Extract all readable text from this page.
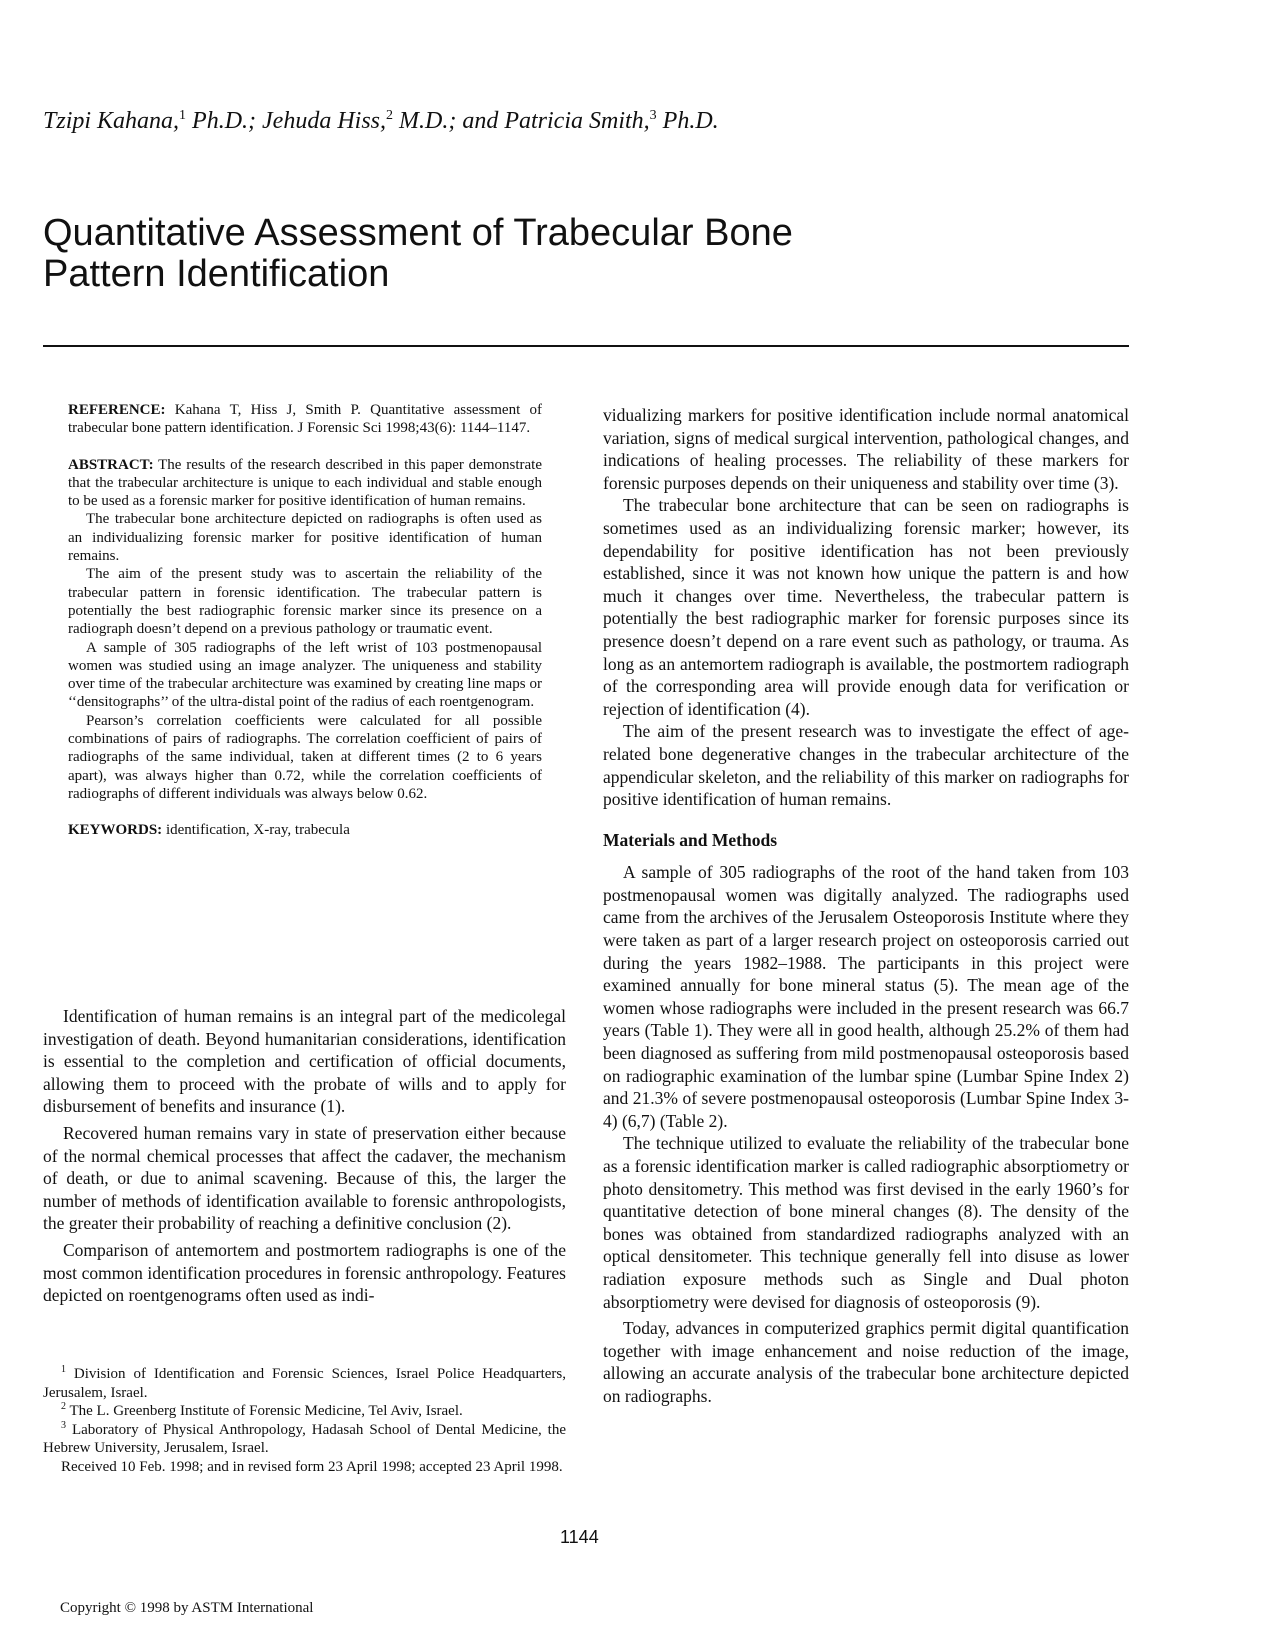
Tzipi Kahana,$^1$ Ph.D.; Jehuda Hiss,$^2$ M.D.; and Patricia Smith,$^3$ Ph.D.
Quantitative Assessment of Trabecular Bone Pattern Identification

REFERENCE: Kahana T, Hiss J, Smith P. Quantitative assessment of trabecular bone pattern identification. J Forensic Sci 1998;43(6): 1144–1147.

ABSTRACT: The results of the research described in this paper demonstrate that the trabecular architecture is unique to each individual and stable enough to be used as a forensic marker for positive identification of human remains.

The trabecular bone architecture depicted on radiographs is often used as an individualizing forensic marker for positive identification of human remains.

The aim of the present study was to ascertain the reliability of the trabecular pattern in forensic identification. The trabecular pattern is potentially the best radiographic forensic marker since its presence on a radiograph doesn’t depend on a previous pathology or traumatic event.

A sample of 305 radiographs of the left wrist of 103 postmenopausal women was studied using an image analyzer. The uniqueness and stability over time of the trabecular architecture was examined by creating line maps or ‘‘densitographs’’ of the ultra-distal point of the radius of each roentgenogram.

Pearson’s correlation coefficients were calculated for all possible combinations of pairs of radiographs. The correlation coefficient of pairs of radiographs of the same individual, taken at different times (2 to 6 years apart), was always higher than 0.72, while the correlation coefficients of radiographs of different individuals was always below 0.62.

KEYWORDS: identification, X-ray, trabecula

Identification of human remains is an integral part of the medicolegal investigation of death. Beyond humanitarian considerations, identification is essential to the completion and certification of official documents, allowing them to proceed with the probate of wills and to apply for disbursement of benefits and insurance (1).

Recovered human remains vary in state of preservation either because of the normal chemical processes that affect the cadaver, the mechanism of death, or due to animal scavening. Because of this, the larger the number of methods of identification available to forensic anthropologists, the greater their probability of reaching a definitive conclusion (2).

Comparison of antemortem and postmortem radiographs is one of the most common identification procedures in forensic anthropology. Features depicted on roentgenograms often used as indi-

vidualizing markers for positive identification include normal anatomical variation, signs of medical surgical intervention, pathological changes, and indications of healing processes. The reliability of these markers for forensic purposes depends on their uniqueness and stability over time (3).

The trabecular bone architecture that can be seen on radiographs is sometimes used as an individualizing forensic marker; however, its dependability for positive identification has not been previously established, since it was not known how unique the pattern is and how much it changes over time. Nevertheless, the trabecular pattern is potentially the best radiographic marker for forensic purposes since its presence doesn’t depend on a rare event such as pathology, or trauma. As long as an antemortem radiograph is available, the postmortem radiograph of the corresponding area will provide enough data for verification or rejection of identification (4).

The aim of the present research was to investigate the effect of age-related bone degenerative changes in the trabecular architecture of the appendicular skeleton, and the reliability of this marker on radiographs for positive identification of human remains.

Materials and Methods

A sample of 305 radiographs of the root of the hand taken from 103 postmenopausal women was digitally analyzed. The radiographs used came from the archives of the Jerusalem Osteoporosis Institute where they were taken as part of a larger research project on osteoporosis carried out during the years 1982–1988. The participants in this project were examined annually for bone mineral status (5). The mean age of the women whose radiographs were included in the present research was 66.7 years (Table 1). They were all in good health, although 25.2% of them had been diagnosed as suffering from mild postmenopausal osteoporosis based on radiographic examination of the lumbar spine (Lumbar Spine Index 2) and 21.3% of severe postmenopausal osteoporosis (Lumbar Spine Index 3-4) (6,7) (Table 2).

The technique utilized to evaluate the reliability of the trabecular bone as a forensic identification marker is called radiographic absorptiometry or photo densitometry. This method was first devised in the early 1960’s for quantitative detection of bone mineral changes (8). The density of the bones was obtained from standardized radiographs analyzed with an optical densitometer. This technique generally fell into disuse as lower radiation exposure methods such as Single and Dual photon absorptiometry were devised for diagnosis of osteoporosis (9).

Today, advances in computerized graphics permit digital quantification together with image enhancement and noise reduction of the image, allowing an accurate analysis of the trabecular bone architecture depicted on radiographs.

$^1$ Division of Identification and Forensic Sciences, Israel Police Headquarters, Jerusalem, Israel.

$^2$ The L. Greenberg Institute of Forensic Medicine, Tel Aviv, Israel.

$^3$ Laboratory of Physical Anthropology, Hadasah School of Dental Medicine, the Hebrew University, Jerusalem, Israel.

Received 10 Feb. 1998; and in revised form 23 April 1998; accepted 23 April 1998.

1144
Copyright © 1998 by ASTM International
